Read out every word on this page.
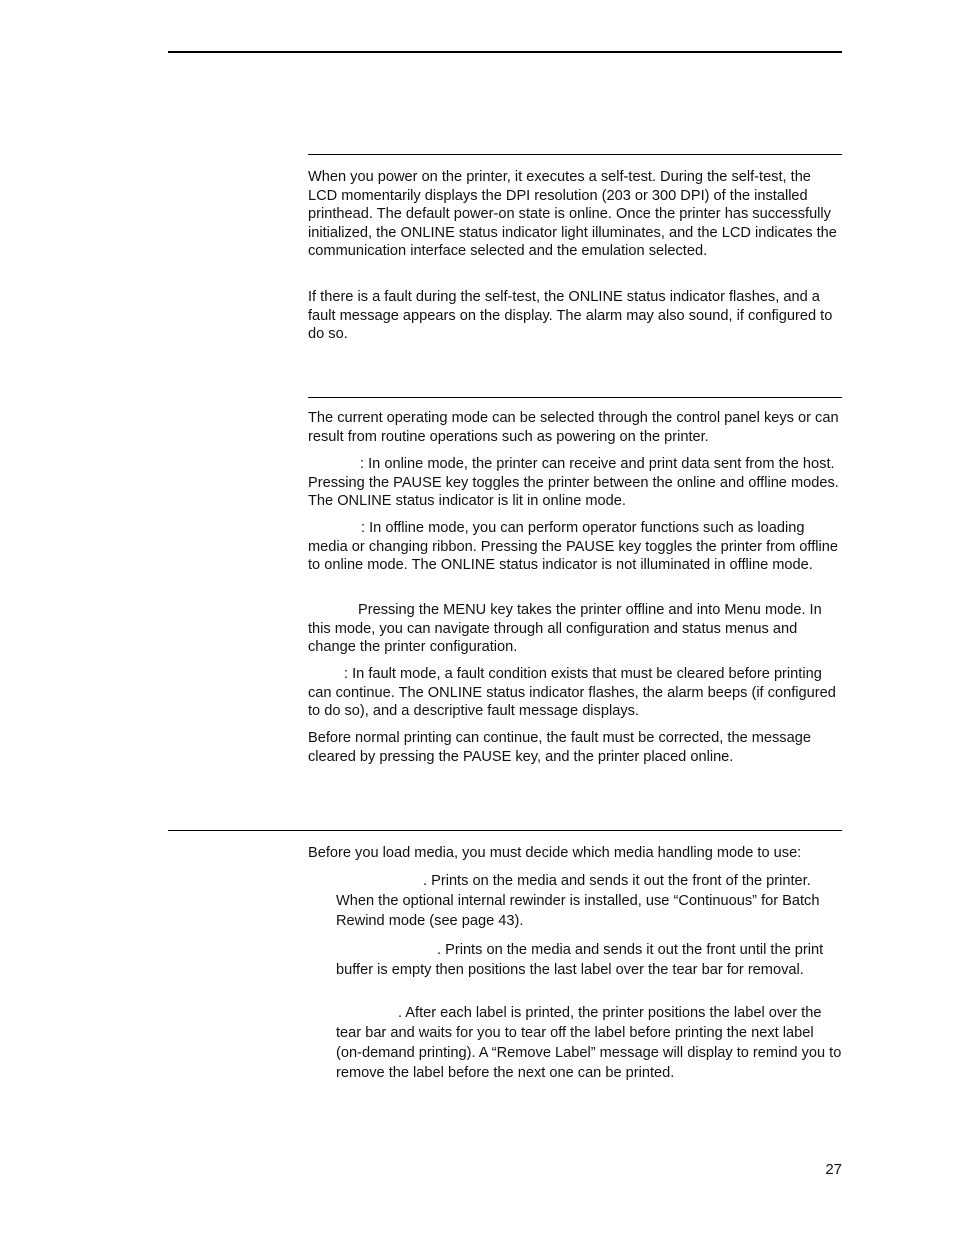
When you power on the printer, it executes a self-test. During the self-test, the LCD momentarily displays the DPI resolution (203 or 300 DPI) of the installed printhead. The default power-on state is online. Once the printer has successfully initialized, the ONLINE status indicator light illuminates, and the LCD indicates the communication interface selected and the emulation selected.

If there is a fault during the self-test, the ONLINE status indicator flashes, and a fault message appears on the display. The alarm may also sound, if configured to do so.

The current operating mode can be selected through the control panel keys or can result from routine operations such as powering on the printer.

: In online mode, the printer can receive and print data sent from the host. Pressing the PAUSE key toggles the printer between the online and offline modes. The ONLINE status indicator is lit in online mode.

: In offline mode, you can perform operator functions such as loading media or changing ribbon. Pressing the PAUSE key toggles the printer from offline to online mode. The ONLINE status indicator is not illuminated in offline mode.

Pressing the MENU key takes the printer offline and into Menu mode. In this mode, you can navigate through all configuration and status menus and change the printer configuration.

: In fault mode, a fault condition exists that must be cleared before printing can continue. The ONLINE status indicator flashes, the alarm beeps (if configured to do so), and a descriptive fault message displays.

Before normal printing can continue, the fault must be corrected, the message cleared by pressing the PAUSE key, and the printer placed online.

Before you load media, you must decide which media handling mode to use:

. Prints on the media and sends it out the front of the printer. When the optional internal rewinder is installed, use “Continuous” for Batch Rewind mode (see page 43).

. Prints on the media and sends it out the front until the print buffer is empty then positions the last label over the tear bar for removal.

. After each label is printed, the printer positions the label over the tear bar and waits for you to tear off the label before printing the next label (on-demand printing). A “Remove Label” message will display to remind you to remove the label before the next one can be printed.

27
